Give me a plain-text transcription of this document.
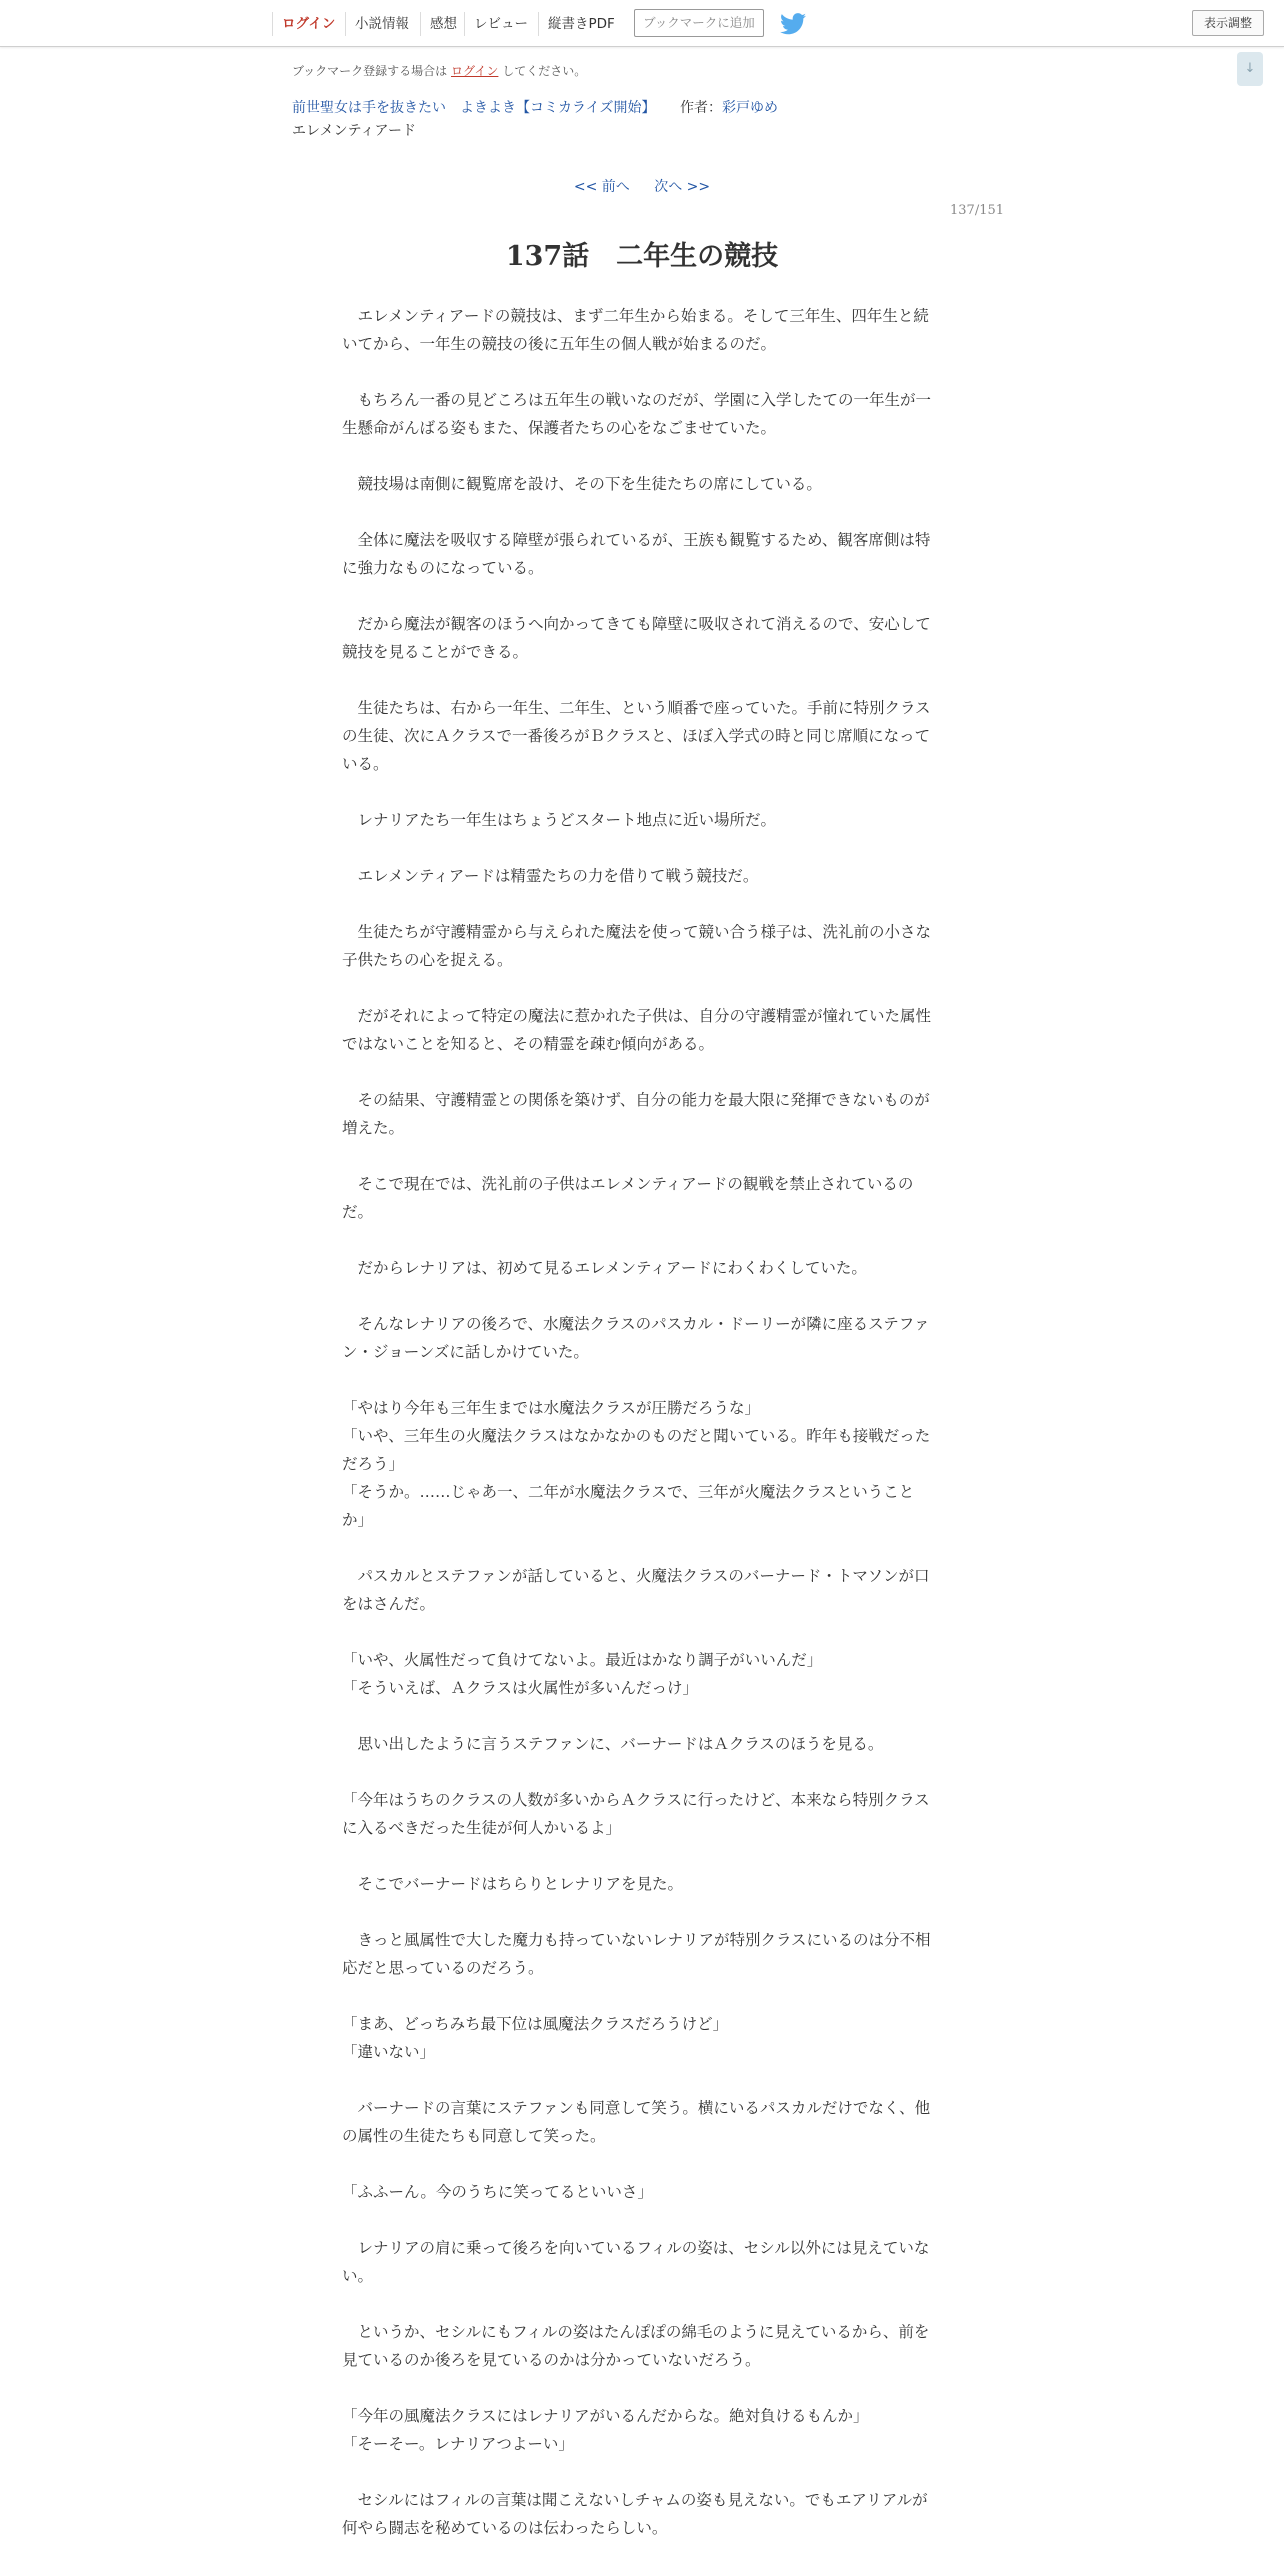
ログイン	小説情報	感想	レビュー	縦書きPDF	ブックマークに追加	表示調整
↓
ブックマーク登録する場合は ログイン してください。
前世聖女は手を抜きたい　よきよき【コミカライズ開始】 作者：彩戸ゆめ
エレメンティアード
<< 前へ 次へ >>
137/151
137話　二年生の競技

　エレメンティアードの競技は、まず二年生から始まる。そして三年生、四年生と続いてから、一年生の競技の後に五年生の個人戦が始まるのだ。

　もちろん一番の見どころは五年生の戦いなのだが、学園に入学したての一年生が一生懸命がんばる姿もまた、保護者たちの心をなごませていた。

　競技場は南側に観覧席を設け、その下を生徒たちの席にしている。

　全体に魔法を吸収する障壁が張られているが、王族も観覧するため、観客席側は特に強力なものになっている。

　だから魔法が観客のほうへ向かってきても障壁に吸収されて消えるので、安心して競技を見ることができる。

　生徒たちは、右から一年生、二年生、という順番で座っていた。手前に特別クラスの生徒、次にＡクラスで一番後ろがＢクラスと、ほぼ入学式の時と同じ席順になっている。

　レナリアたち一年生はちょうどスタート地点に近い場所だ。

　エレメンティアードは精霊たちの力を借りて戦う競技だ。

　生徒たちが守護精霊から与えられた魔法を使って競い合う様子は、洗礼前の小さな子供たちの心を捉える。

　だがそれによって特定の魔法に惹かれた子供は、自分の守護精霊が憧れていた属性ではないことを知ると、その精霊を疎む傾向がある。

　その結果、守護精霊との関係を築けず、自分の能力を最大限に発揮できないものが増えた。

　そこで現在では、洗礼前の子供はエレメンティアードの観戦を禁止されているのだ。

　だからレナリアは、初めて見るエレメンティアードにわくわくしていた。

　そんなレナリアの後ろで、水魔法クラスのパスカル・ドーリーが隣に座るステファン・ジョーンズに話しかけていた。

「やはり今年も三年生までは水魔法クラスが圧勝だろうな」

「いや、三年生の火魔法クラスはなかなかのものだと聞いている。昨年も接戦だっただろう」

「そうか。……じゃあ一、二年が水魔法クラスで、三年が火魔法クラスということか」

　パスカルとステファンが話していると、火魔法クラスのバーナード・トマソンが口をはさんだ。

「いや、火属性だって負けてないよ。最近はかなり調子がいいんだ」

「そういえば、Ａクラスは火属性が多いんだっけ」

　思い出したように言うステファンに、バーナードはＡクラスのほうを見る。

「今年はうちのクラスの人数が多いからＡクラスに行ったけど、本来なら特別クラスに入るべきだった生徒が何人かいるよ」

　そこでバーナードはちらりとレナリアを見た。

　きっと風属性で大した魔力も持っていないレナリアが特別クラスにいるのは分不相応だと思っているのだろう。

「まあ、どっちみち最下位は風魔法クラスだろうけど」

「違いない」

　バーナードの言葉にステファンも同意して笑う。横にいるパスカルだけでなく、他の属性の生徒たちも同意して笑った。

「ふふーん。今のうちに笑ってるといいさ」

　レナリアの肩に乗って後ろを向いているフィルの姿は、セシル以外には見えていない。

　というか、セシルにもフィルの姿はたんぽぽの綿毛のように見えているから、前を見ているのか後ろを見ているのかは分かっていないだろう。

「今年の風魔法クラスにはレナリアがいるんだからな。絶対負けるもんか」

「そーそー。レナリアつよーい」

　セシルにはフィルの言葉は聞こえないしチャムの姿も見えない。でもエアリアルが何やら闘志を秘めているのは伝わったらしい。
